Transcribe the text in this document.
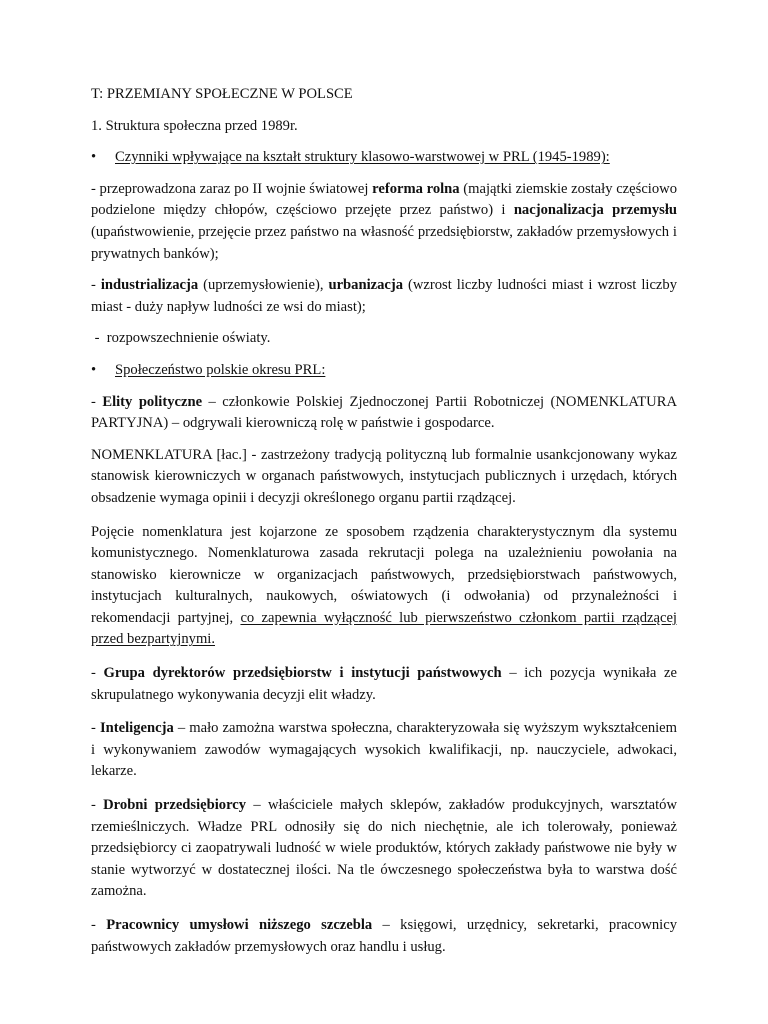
T: PRZEMIANY SPOŁECZNE W POLSCE

1. Struktura społeczna przed 1989r.

• Czynniki wpływające na kształt struktury klasowo-warstwowej w PRL (1945-1989):

- przeprowadzona zaraz po II wojnie światowej reforma rolna (majątki ziemskie zostały częściowo podzielone między chłopów, częściowo przejęte przez państwo) i nacjonalizacja przemysłu (upaństwowienie, przejęcie przez państwo na własność przedsiębiorstw, zakładów przemysłowych i prywatnych banków);

- industrializacja (uprzemysłowienie), urbanizacja (wzrost liczby ludności miast i wzrost liczby miast - duży napływ ludności ze wsi do miast);

-  rozpowszechnienie oświaty.

• Społeczeństwo polskie okresu PRL:

- Elity polityczne – członkowie Polskiej Zjednoczonej Partii Robotniczej (NOMENKLATURA PARTYJNA) – odgrywali kierowniczą rolę w państwie i gospodarce.

NOMENKLATURA [łac.] - zastrzeżony tradycją polityczną lub formalnie usankcjonowany wykaz stanowisk kierowniczych w organach państwowych, instytucjach publicznych i urzędach, których obsadzenie wymaga opinii i decyzji określonego organu partii rządzącej.

Pojęcie nomenklatura jest kojarzone ze sposobem rządzenia charakterystycznym dla systemu komunistycznego. Nomenklaturowa zasada rekrutacji polega na uzależnieniu powołania na stanowisko kierownicze w organizacjach państwowych, przedsiębiorstwach państwowych, instytucjach kulturalnych, naukowych, oświatowych (i odwołania) od przynależności i rekomendacji partyjnej, co zapewnia wyłączność lub pierwszeństwo członkom partii rządzącej przed bezpartyjnymi.

- Grupa dyrektorów przedsiębiorstw i instytucji państwowych – ich pozycja wynikała ze skrupulatnego wykonywania decyzji elit władzy.

- Inteligencja – mało zamożna warstwa społeczna, charakteryzowała się wyższym wykształceniem i wykonywaniem zawodów wymagających wysokich kwalifikacji, np. nauczyciele, adwokaci, lekarze.

- Drobni przedsiębiorcy – właściciele małych sklepów, zakładów produkcyjnych, warsztatów rzemieślniczych. Władze PRL odnosiły się do nich niechętnie, ale ich tolerowały, ponieważ przedsiębiorcy ci zaopatrywali ludność w wiele produktów, których zakłady państwowe nie były w stanie wytworzyć w dostatecznej ilości. Na tle ówczesnego społeczeństwa była to warstwa dość zamożna.

- Pracownicy umysłowi niższego szczebla – księgowi, urzędnicy, sekretarki, pracownicy państwowych zakładów przemysłowych oraz handlu i usług.
